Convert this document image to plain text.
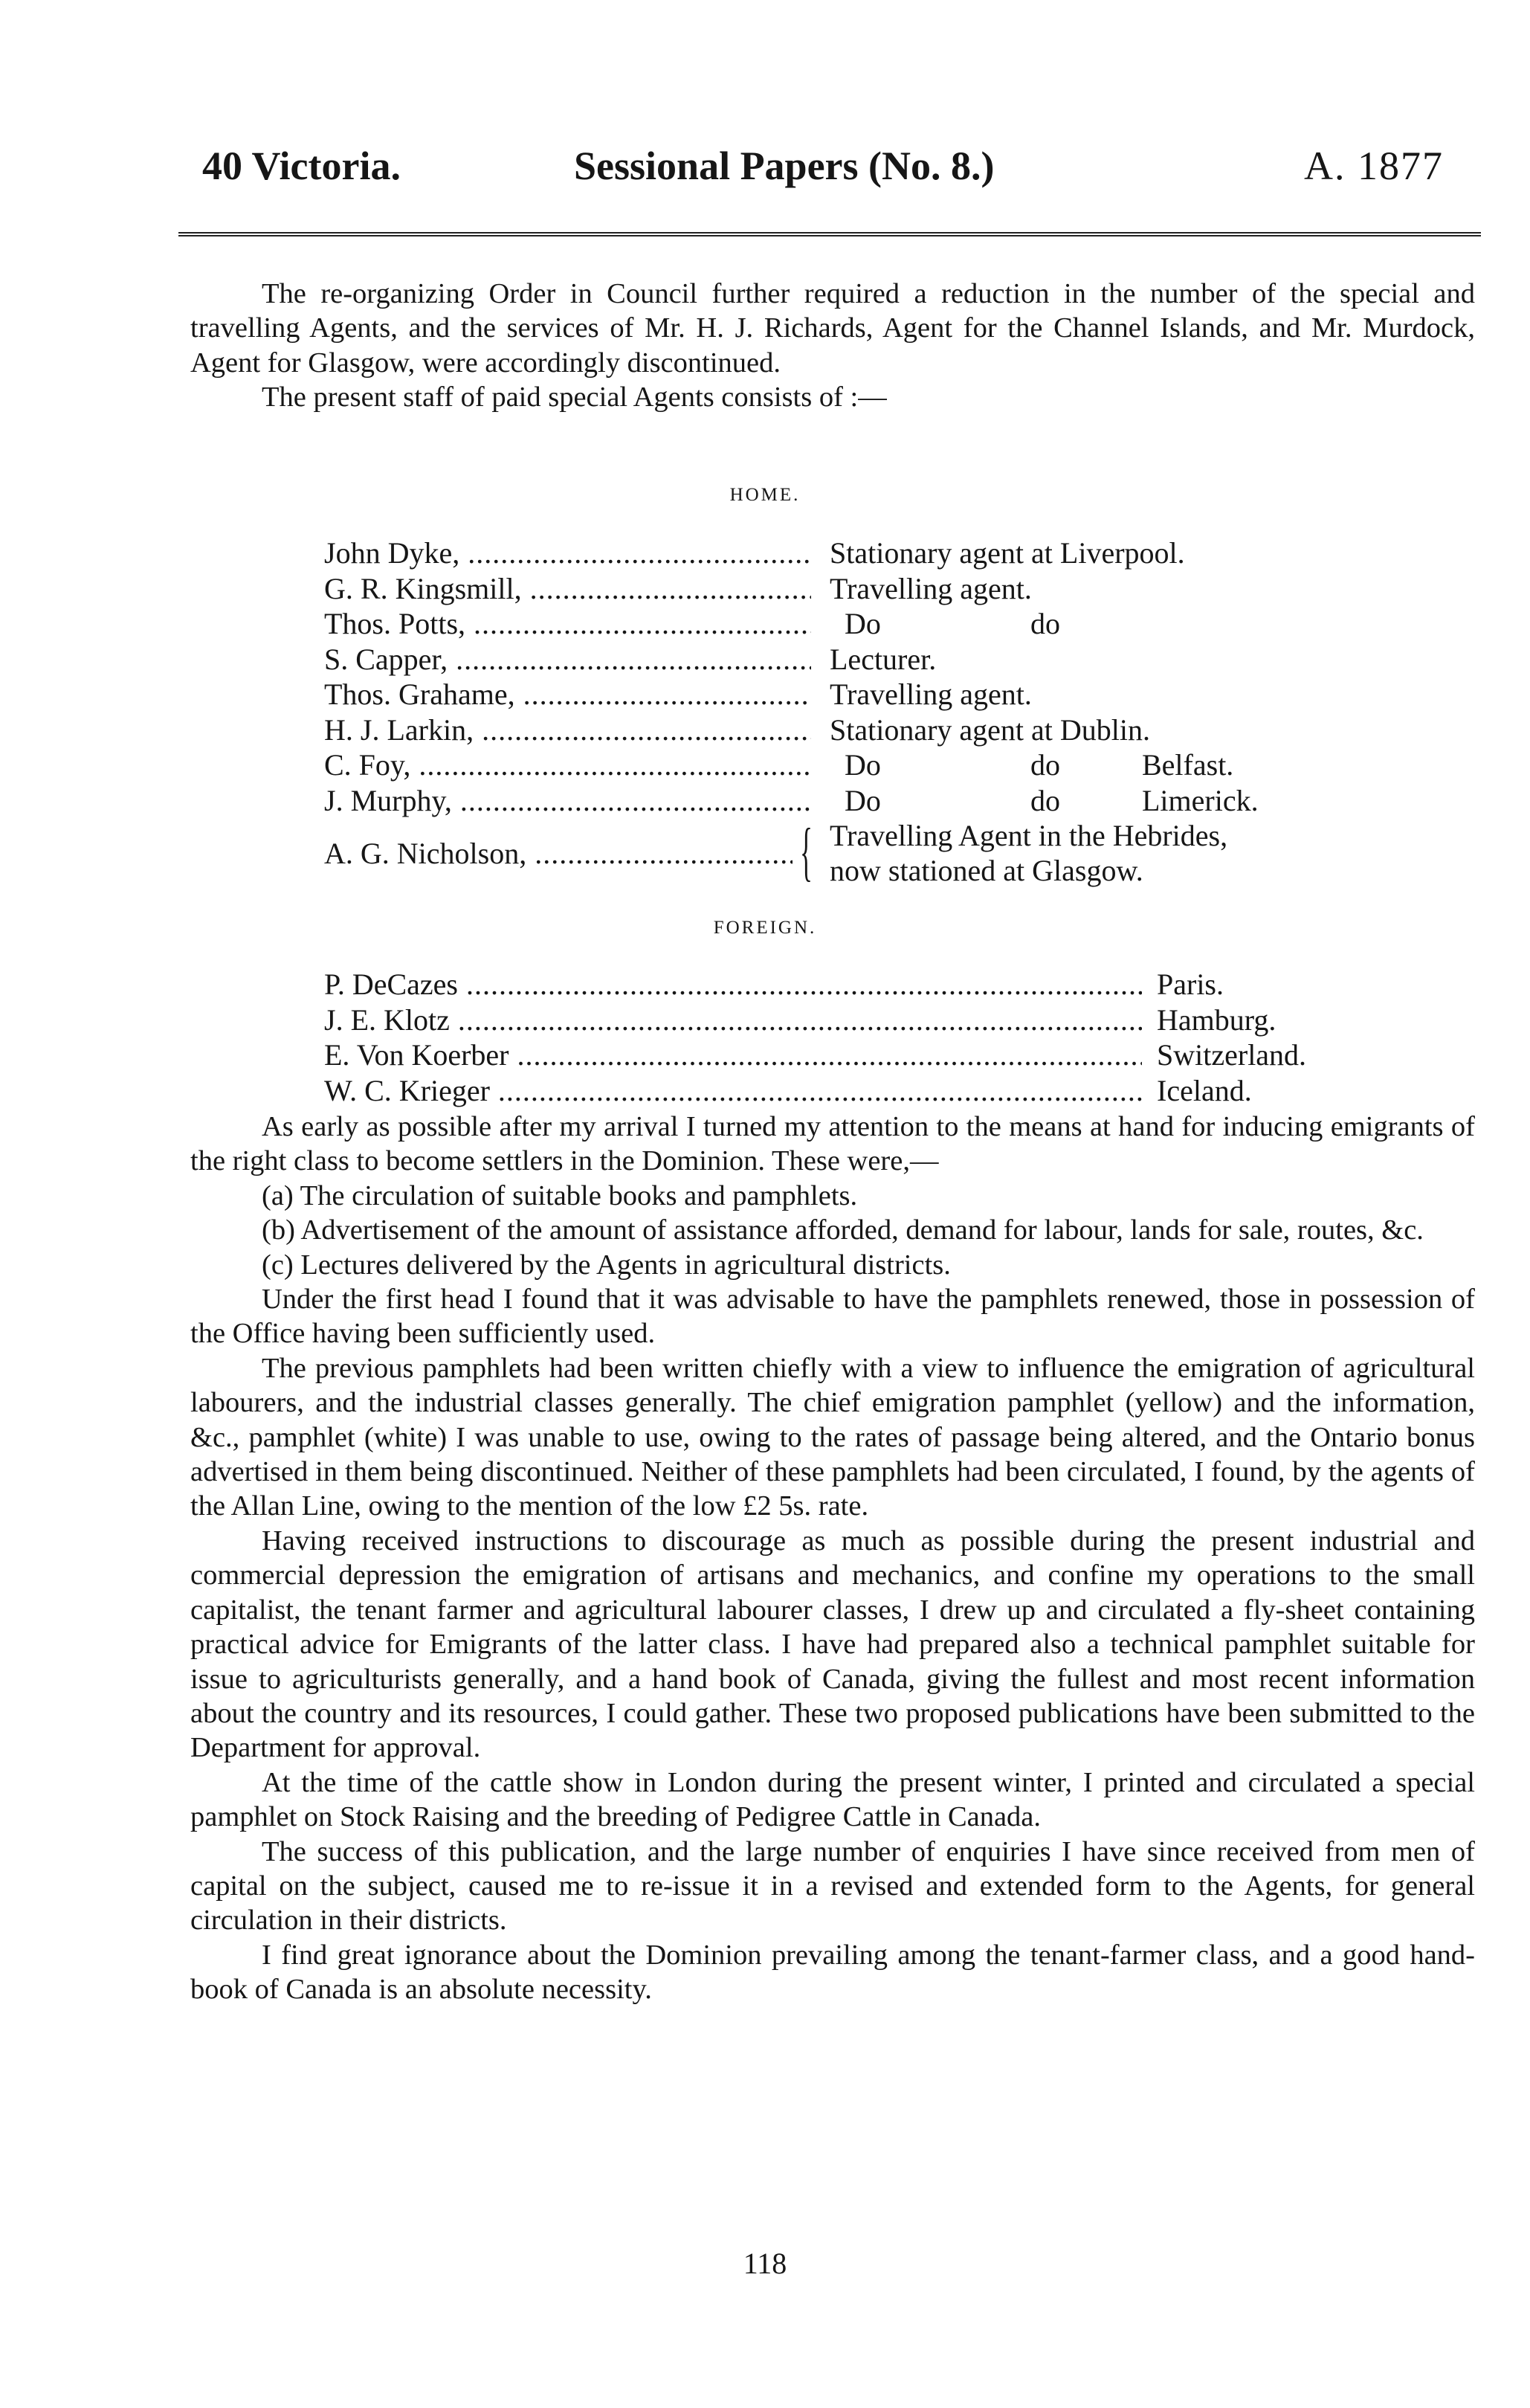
40 Victoria.	Sessional Papers (No. 8.)	A. 1877

The re-organizing Order in Council further required a reduction in the number of the special and travelling Agents, and the services of Mr. H. J. Richards, Agent for the Channel Islands, and Mr. Murdock, Agent for Glasgow, were accordingly discontinued.

The present staff of paid special Agents consists of :—

HOME.
John Dyke, .....	Stationary agent at Liverpool.
G. R. Kingsmill, .....	Travelling agent.
Thos. Potts, .....	Do	do
S. Capper, .....	Lecturer.
Thos. Grahame, .....	Travelling agent.
H. J. Larkin, .....	Stationary agent at Dublin.
C. Foy, .....	Do	do	Belfast.
J. Murphy, .....	Do	do	Limerick.
A. G. Nicholson, .....	{ Travelling Agent in the Hebrides,
now stationed at Glasgow.
FOREIGN.
P. DeCazes .....	Paris.
J. E. Klotz .....	Hamburg.
E. Von Koerber .....	Switzerland.
W. C. Krieger .....	Iceland.

As early as possible after my arrival I turned my attention to the means at hand for inducing emigrants of the right class to become settlers in the Dominion. These were,—

(a) The circulation of suitable books and pamphlets.

(b) Advertisement of the amount of assistance afforded, demand for labour, lands for sale, routes, &c.

(c) Lectures delivered by the Agents in agricultural districts.

Under the first head I found that it was advisable to have the pamphlets renewed, those in possession of the Office having been sufficiently used.

The previous pamphlets had been written chiefly with a view to influence the emigration of agricultural labourers, and the industrial classes generally. The chief emigration pamphlet (yellow) and the information, &c., pamphlet (white) I was unable to use, owing to the rates of passage being altered, and the Ontario bonus advertised in them being discontinued. Neither of these pamphlets had been circulated, I found, by the agents of the Allan Line, owing to the mention of the low £2 5s. rate.

Having received instructions to discourage as much as possible during the present industrial and commercial depression the emigration of artisans and mechanics, and confine my operations to the small capitalist, the tenant farmer and agricultural labourer classes, I drew up and circulated a fly-sheet containing practical advice for Emigrants of the latter class. I have had prepared also a technical pamphlet suitable for issue to agriculturists generally, and a hand book of Canada, giving the fullest and most recent information about the country and its resources, I could gather. These two proposed publications have been submitted to the Department for approval.

At the time of the cattle show in London during the present winter, I printed and circulated a special pamphlet on Stock Raising and the breeding of Pedigree Cattle in Canada.

The success of this publication, and the large number of enquiries I have since received from men of capital on the subject, caused me to re-issue it in a revised and extended form to the Agents, for general circulation in their districts.

I find great ignorance about the Dominion prevailing among the tenant-farmer class, and a good hand-book of Canada is an absolute necessity.

118
